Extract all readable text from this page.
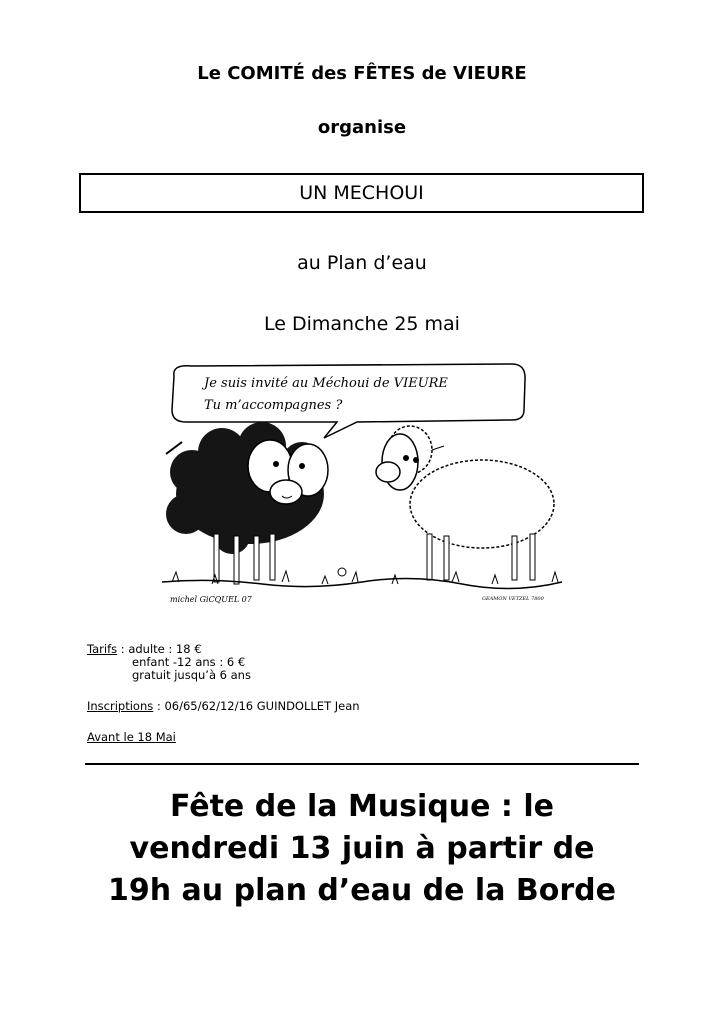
Le COMITÉ des FÊTES de VIEURE
organise
UN MECHOUI
au Plan d’eau
Le Dimanche 25 mai
Je suis invité au Méchoui de VIEURE
Tu m’accompagnes ?
michel GiCQUEL 07	GEAMON VETZEL 7800
Tarifs : adulte : 18 €
enfant -12 ans : 6 €
gratuit jusqu’à 6 ans
Inscriptions : 06/65/62/12/16 GUINDOLLET Jean
Avant le 18 Mai
Fête de la Musique : le
vendredi 13 juin à partir de
19h au plan d’eau de la Borde
